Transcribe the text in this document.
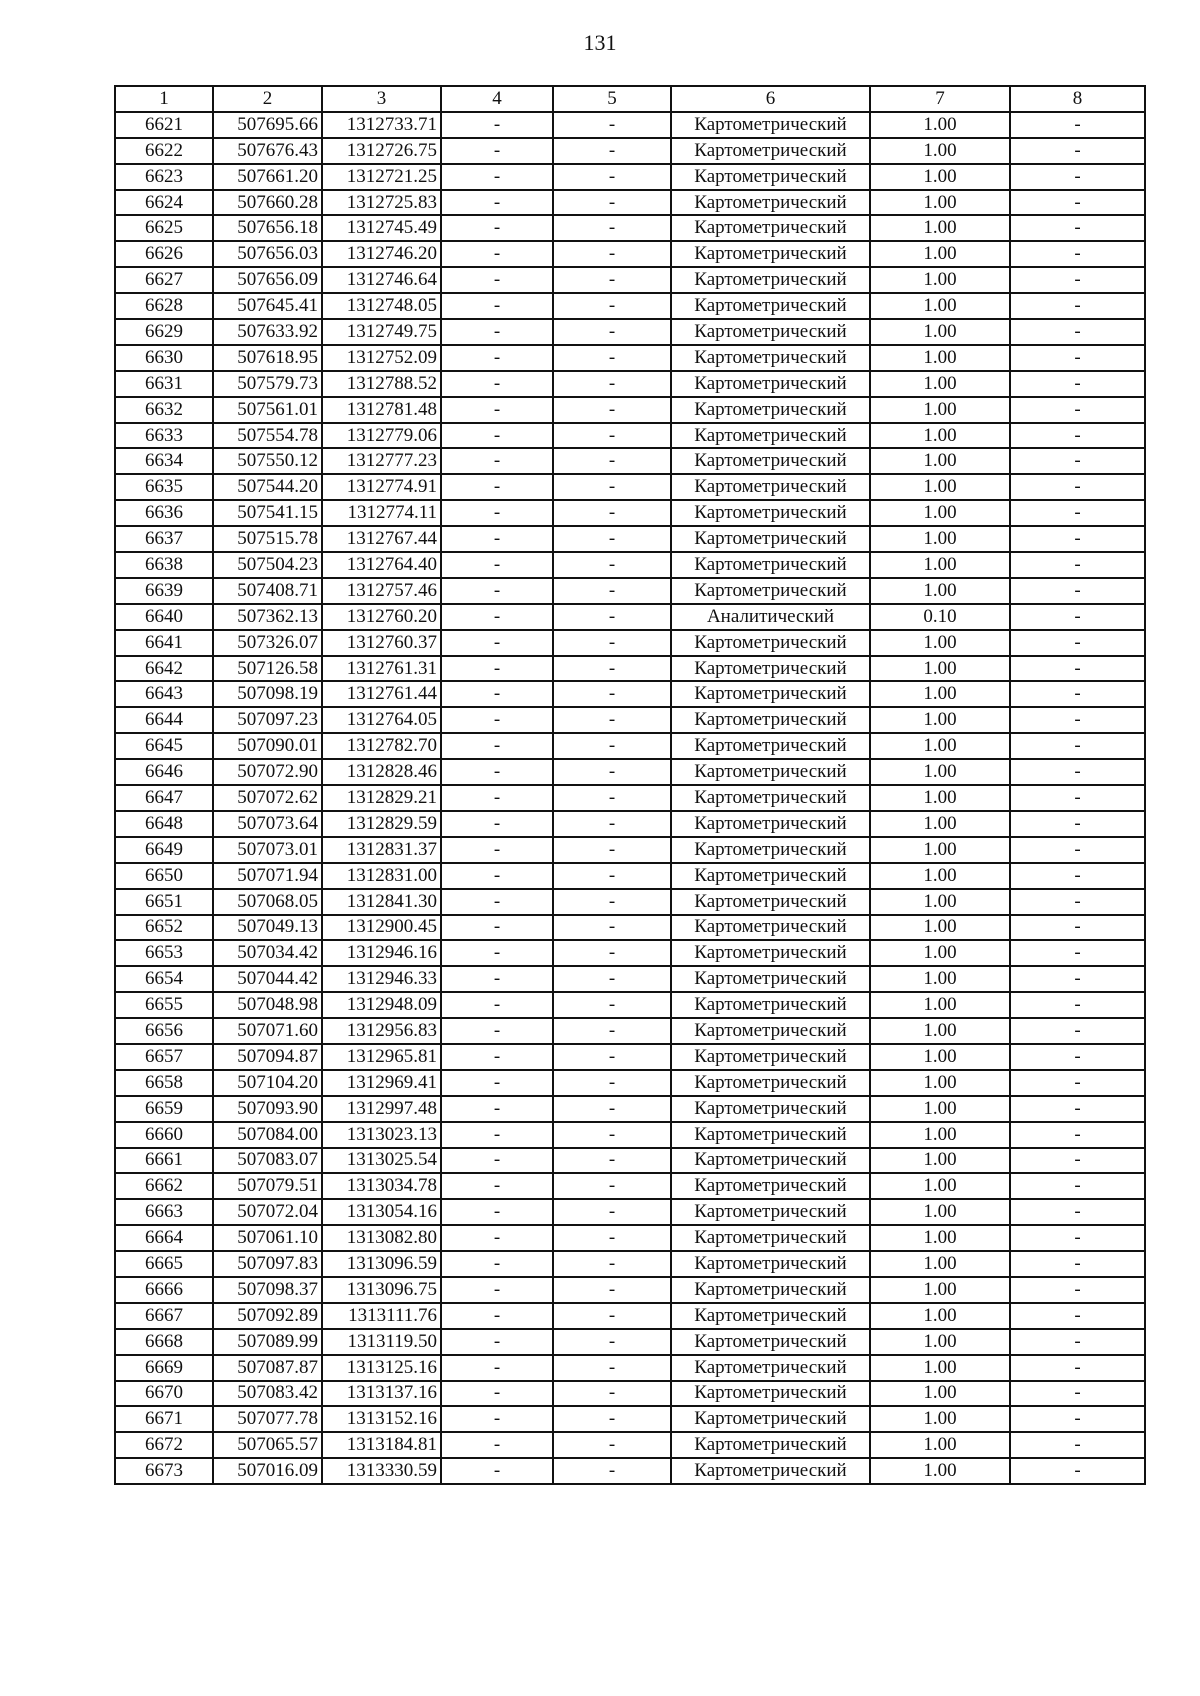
131
1	2	3	4	5	6	7	8
6621	507695.66	1312733.71	-	-	Картометрический	1.00	-
6622	507676.43	1312726.75	-	-	Картометрический	1.00	-
6623	507661.20	1312721.25	-	-	Картометрический	1.00	-
6624	507660.28	1312725.83	-	-	Картометрический	1.00	-
6625	507656.18	1312745.49	-	-	Картометрический	1.00	-
6626	507656.03	1312746.20	-	-	Картометрический	1.00	-
6627	507656.09	1312746.64	-	-	Картометрический	1.00	-
6628	507645.41	1312748.05	-	-	Картометрический	1.00	-
6629	507633.92	1312749.75	-	-	Картометрический	1.00	-
6630	507618.95	1312752.09	-	-	Картометрический	1.00	-
6631	507579.73	1312788.52	-	-	Картометрический	1.00	-
6632	507561.01	1312781.48	-	-	Картометрический	1.00	-
6633	507554.78	1312779.06	-	-	Картометрический	1.00	-
6634	507550.12	1312777.23	-	-	Картометрический	1.00	-
6635	507544.20	1312774.91	-	-	Картометрический	1.00	-
6636	507541.15	1312774.11	-	-	Картометрический	1.00	-
6637	507515.78	1312767.44	-	-	Картометрический	1.00	-
6638	507504.23	1312764.40	-	-	Картометрический	1.00	-
6639	507408.71	1312757.46	-	-	Картометрический	1.00	-
6640	507362.13	1312760.20	-	-	Аналитический	0.10	-
6641	507326.07	1312760.37	-	-	Картометрический	1.00	-
6642	507126.58	1312761.31	-	-	Картометрический	1.00	-
6643	507098.19	1312761.44	-	-	Картометрический	1.00	-
6644	507097.23	1312764.05	-	-	Картометрический	1.00	-
6645	507090.01	1312782.70	-	-	Картометрический	1.00	-
6646	507072.90	1312828.46	-	-	Картометрический	1.00	-
6647	507072.62	1312829.21	-	-	Картометрический	1.00	-
6648	507073.64	1312829.59	-	-	Картометрический	1.00	-
6649	507073.01	1312831.37	-	-	Картометрический	1.00	-
6650	507071.94	1312831.00	-	-	Картометрический	1.00	-
6651	507068.05	1312841.30	-	-	Картометрический	1.00	-
6652	507049.13	1312900.45	-	-	Картометрический	1.00	-
6653	507034.42	1312946.16	-	-	Картометрический	1.00	-
6654	507044.42	1312946.33	-	-	Картометрический	1.00	-
6655	507048.98	1312948.09	-	-	Картометрический	1.00	-
6656	507071.60	1312956.83	-	-	Картометрический	1.00	-
6657	507094.87	1312965.81	-	-	Картометрический	1.00	-
6658	507104.20	1312969.41	-	-	Картометрический	1.00	-
6659	507093.90	1312997.48	-	-	Картометрический	1.00	-
6660	507084.00	1313023.13	-	-	Картометрический	1.00	-
6661	507083.07	1313025.54	-	-	Картометрический	1.00	-
6662	507079.51	1313034.78	-	-	Картометрический	1.00	-
6663	507072.04	1313054.16	-	-	Картометрический	1.00	-
6664	507061.10	1313082.80	-	-	Картометрический	1.00	-
6665	507097.83	1313096.59	-	-	Картометрический	1.00	-
6666	507098.37	1313096.75	-	-	Картометрический	1.00	-
6667	507092.89	1313111.76	-	-	Картометрический	1.00	-
6668	507089.99	1313119.50	-	-	Картометрический	1.00	-
6669	507087.87	1313125.16	-	-	Картометрический	1.00	-
6670	507083.42	1313137.16	-	-	Картометрический	1.00	-
6671	507077.78	1313152.16	-	-	Картометрический	1.00	-
6672	507065.57	1313184.81	-	-	Картометрический	1.00	-
6673	507016.09	1313330.59	-	-	Картометрический	1.00	-
